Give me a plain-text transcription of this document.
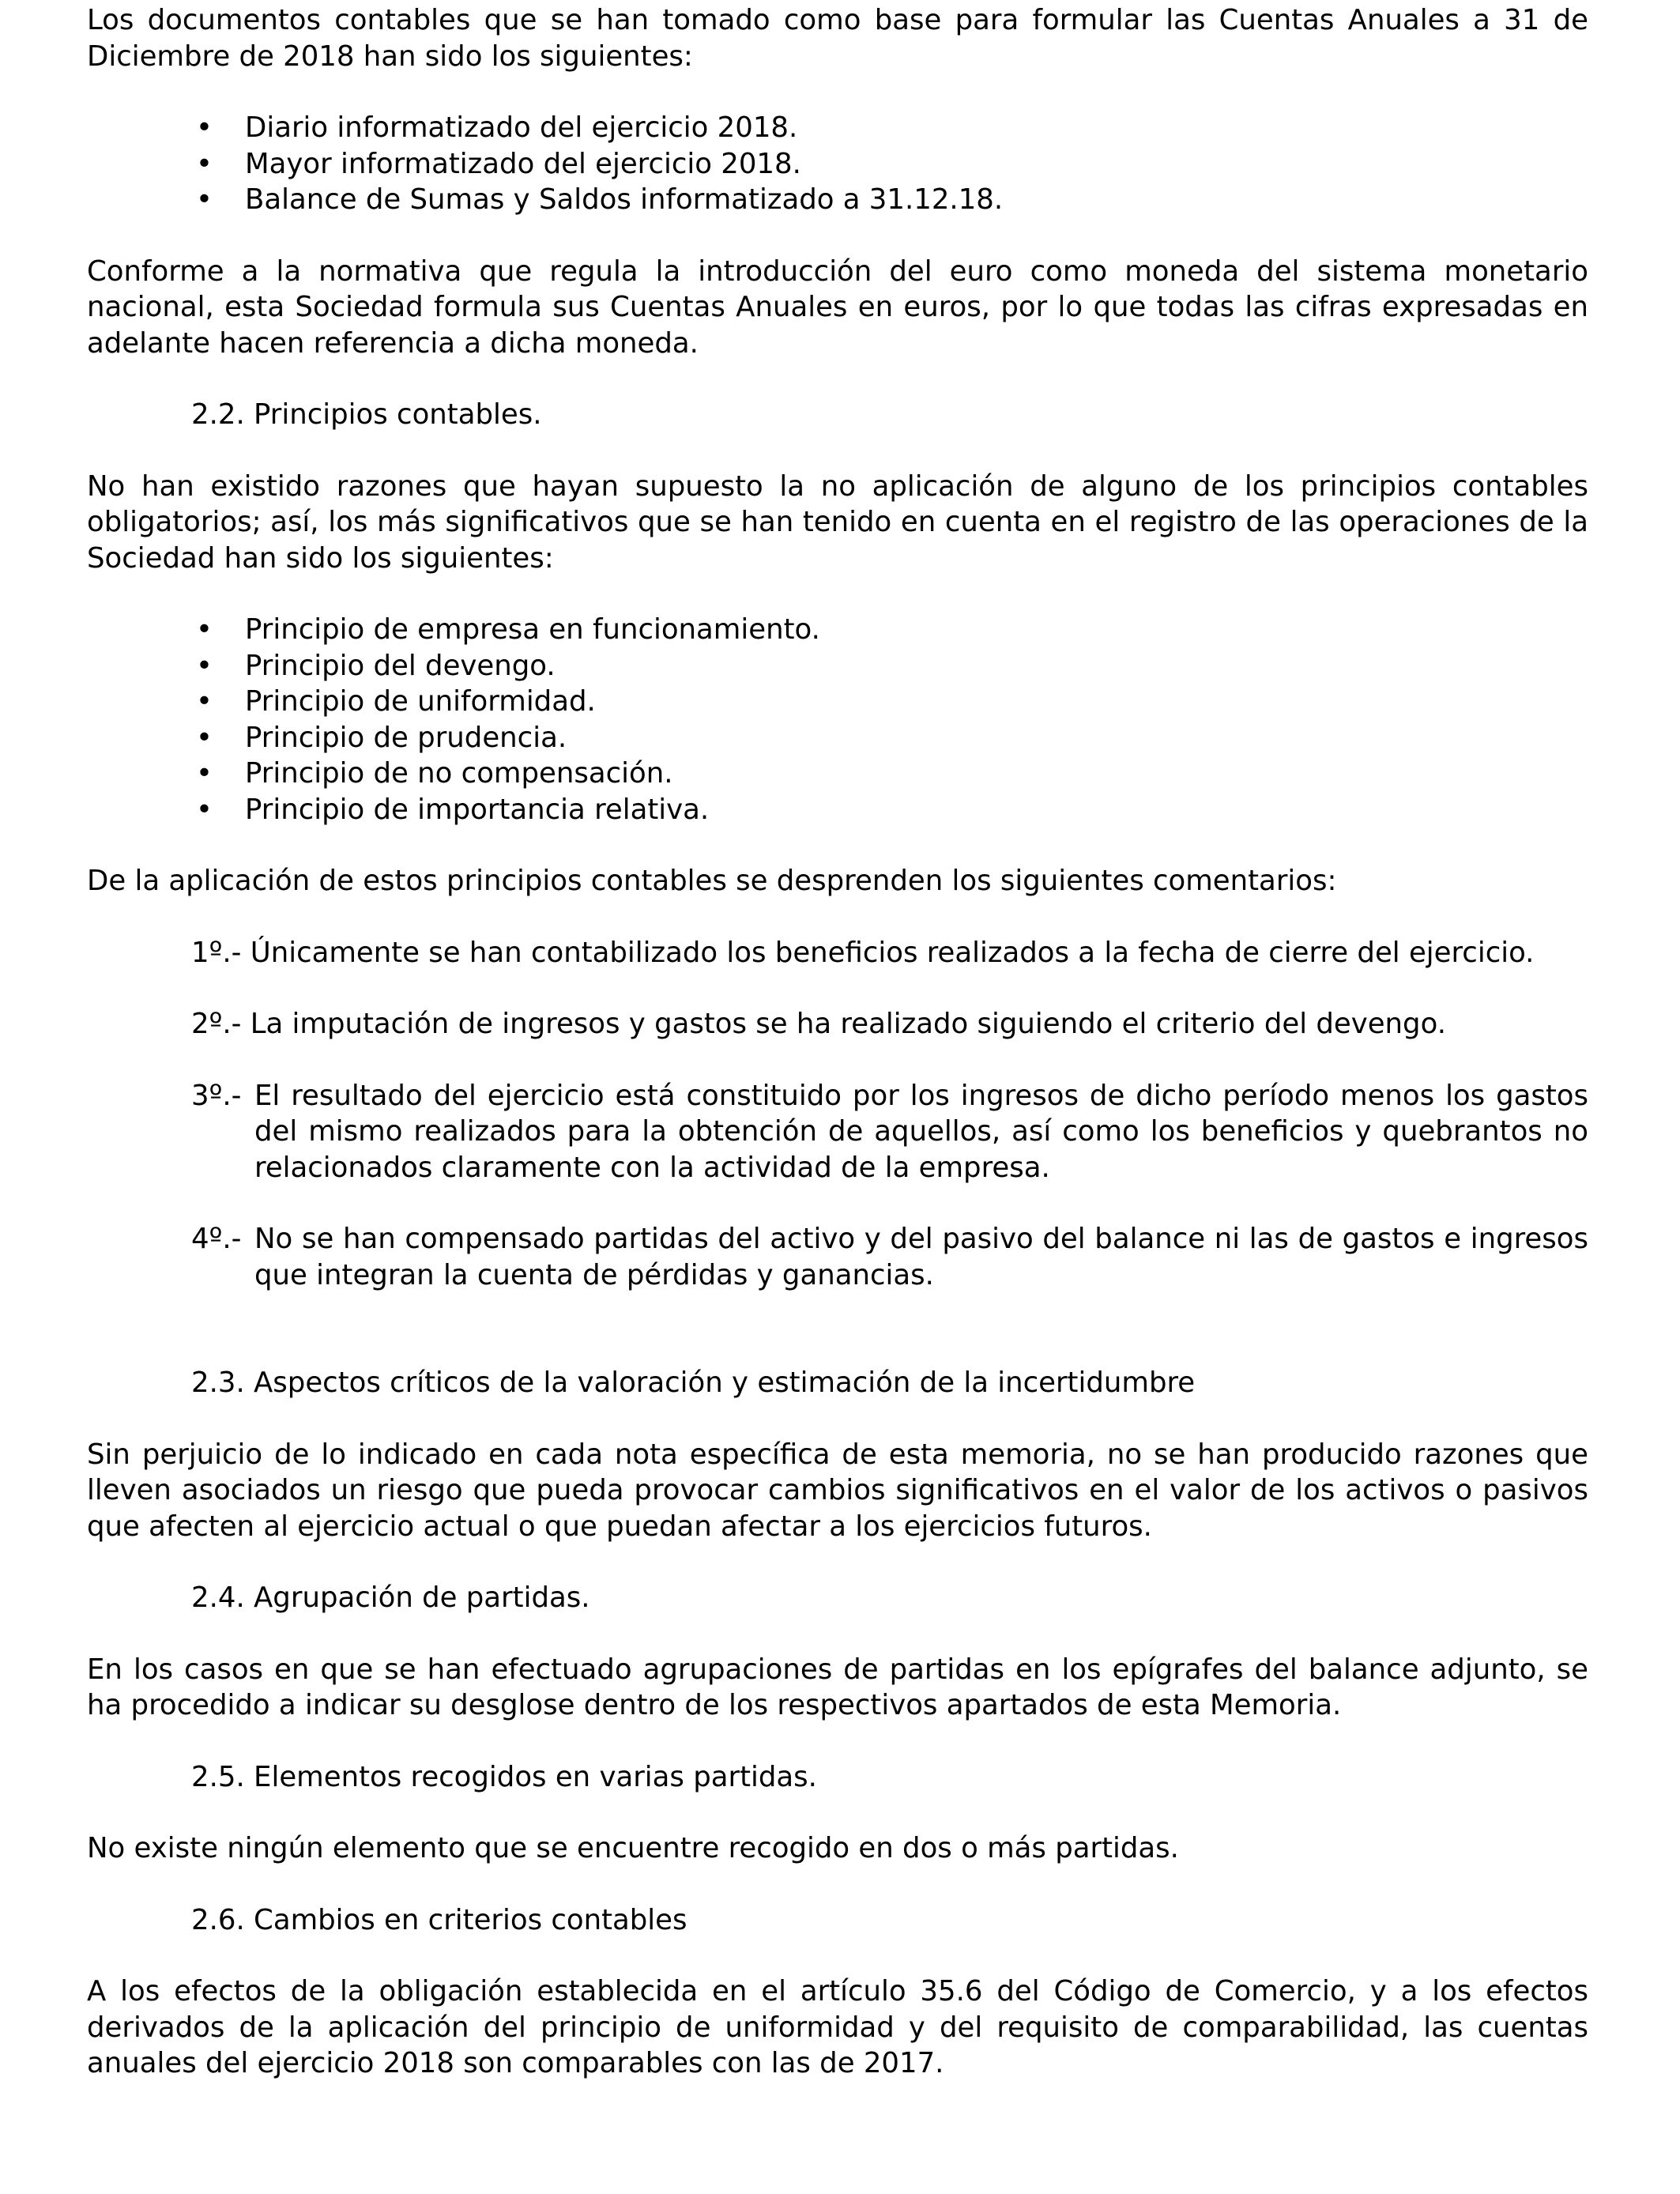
Los documentos contables que se han tomado como base para formular las Cuentas Anuales a 31 de Diciembre de 2018 han sido los siguientes:

• Diario informatizado del ejercicio 2018.
• Mayor informatizado del ejercicio 2018.
• Balance de Sumas y Saldos informatizado a 31.12.18.

Conforme a la normativa que regula la introducción del euro como moneda del sistema monetario nacional, esta Sociedad formula sus Cuentas Anuales en euros, por lo que todas las cifras expresadas en adelante hacen referencia a dicha moneda.

2.2. Principios contables.

No han existido razones que hayan supuesto la no aplicación de alguno de los principios contables obligatorios; así, los más significativos que se han tenido en cuenta en el registro de las operaciones de la Sociedad han sido los siguientes:

• Principio de empresa en funcionamiento.
• Principio del devengo.
• Principio de uniformidad.
• Principio de prudencia.
• Principio de no compensación.
• Principio de importancia relativa.

De la aplicación de estos principios contables se desprenden los siguientes comentarios:

1º.- Únicamente se han contabilizado los beneficios realizados a la fecha de cierre del ejercicio.
2º.- La imputación de ingresos y gastos se ha realizado siguiendo el criterio del devengo.
3º.- El resultado del ejercicio está constituido por los ingresos de dicho período menos los gastos del mismo realizados para la obtención de aquellos, así como los beneficios y quebrantos no relacionados claramente con la actividad de la empresa.
4º.- No se han compensado partidas del activo y del pasivo del balance ni las de gastos e ingresos que integran la cuenta de pérdidas y ganancias.
2.3. Aspectos críticos de la valoración y estimación de la incertidumbre

Sin perjuicio de lo indicado en cada nota específica de esta memoria, no se han producido razones que lleven asociados un riesgo que pueda provocar cambios significativos en el valor de los activos o pasivos que afecten al ejercicio actual o que puedan afectar a los ejercicios futuros.

2.4. Agrupación de partidas.

En los casos en que se han efectuado agrupaciones de partidas en los epígrafes del balance adjunto, se ha procedido a indicar su desglose dentro de los respectivos apartados de esta Memoria.

2.5. Elementos recogidos en varias partidas.

No existe ningún elemento que se encuentre recogido en dos o más partidas.

2.6. Cambios en criterios contables

A los efectos de la obligación establecida en el artículo 35.6 del Código de Comercio, y a los efectos derivados de la aplicación del principio de uniformidad y del requisito de comparabilidad, las cuentas anuales del ejercicio 2018 son comparables con las de 2017.
